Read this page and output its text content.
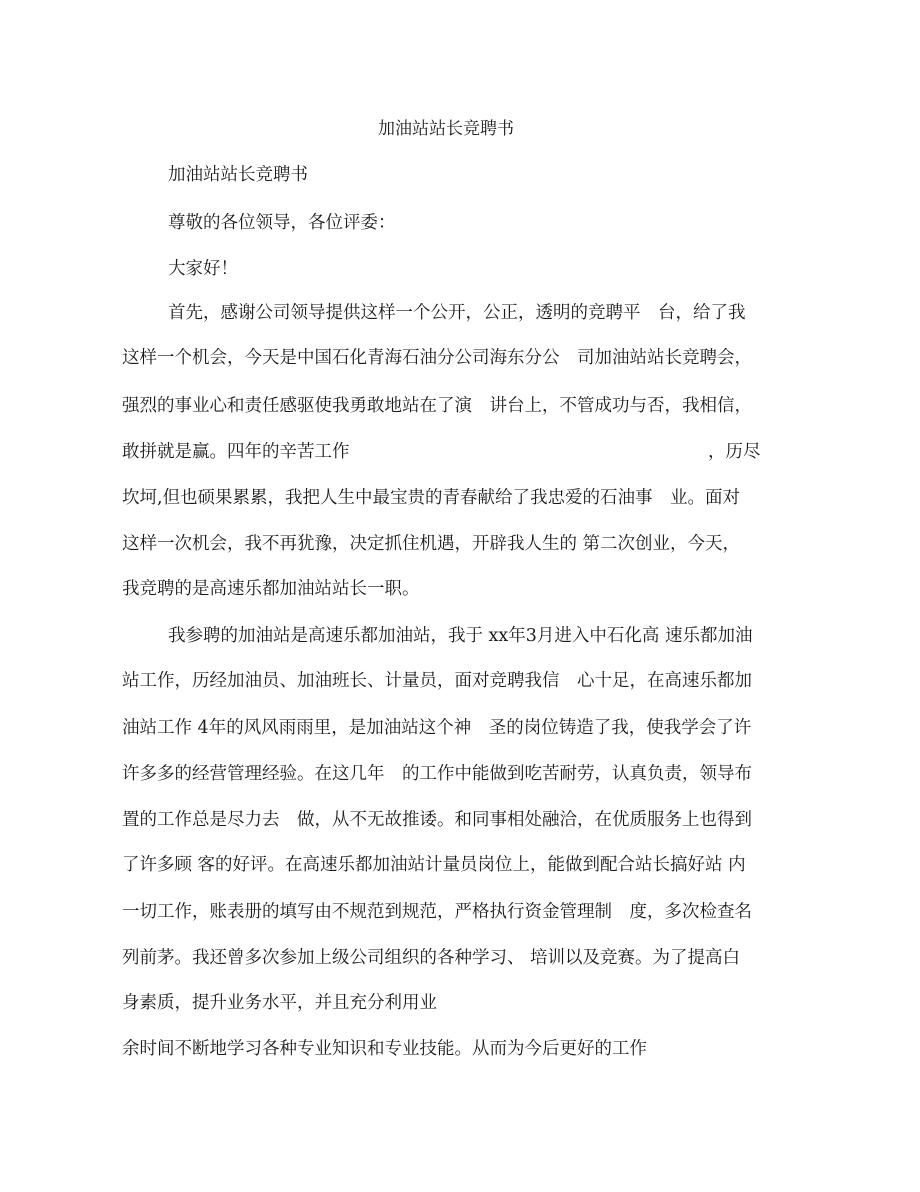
加油站站长竞聘书
加油站站长竞聘书
尊敬的各位领导，各位评委：
大家好！
首先，感谢公司领导提供这样一个公开，公正，透明的竞聘平　台，给了我
这样一个机会，今天是中国石化青海石油分公司海东分公　司加油站站长竞聘会，
强烈的事业心和责任感驱使我勇敢地站在了演　讲台上，不管成功与否，我相信，
敢拼就是赢。四年的辛苦工作	，历尽
坎坷,但也硕果累累，我把人生中最宝贵的青春献给了我忠爱的石油事　业。面对
这样一次机会，我不再犹豫，决定抓住机遇，开辟我人生的 第二次创业，今天，
我竞聘的是高速乐都加油站站长一职。
我参聘的加油站是高速乐都加油站，我于 xx年3月进入中石化高 速乐都加油
站工作，历经加油员、加油班长、计量员，面对竞聘我信　心十足，在高速乐都加
油站工作 4年的风风雨雨里，是加油站这个神　圣的岗位铸造了我，使我学会了许
许多多的经营管理经验。在这几年　的工作中能做到吃苦耐劳，认真负责，领导布
置的工作总是尽力去　做，从不无故推诿。和同事相处融洽，在优质服务上也得到
了许多顾 客的好评。在高速乐都加油站计量员岗位上，能做到配合站长搞好站 内
一切工作，账表册的填写由不规范到规范，严格执行资金管理制　度，多次检查名
列前茅。我还曾多次参加上级公司组织的各种学习、 培训以及竞赛。为了提高白
身素质，提升业务水平，并且充分利用业
余时间不断地学习各种专业知识和专业技能。从而为今后更好的工作
